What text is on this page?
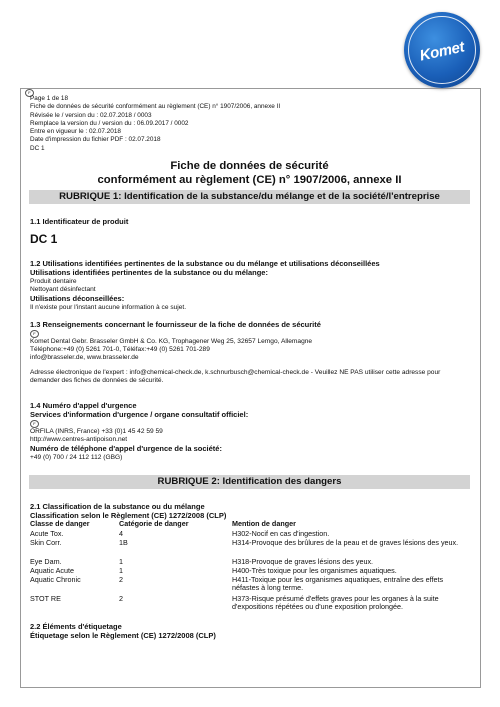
Komet
F
Page 1 de 18
Fiche de données de sécurité conformément au règlement (CE) n° 1907/2006, annexe II
Révisée le / version du : 02.07.2018 / 0003
Remplace la version du / version du : 06.09.2017 / 0002
Entre en vigueur le : 02.07.2018
Date d'impression du fichier PDF : 02.07.2018
DC 1
Fiche de données de sécurité
conformément au règlement (CE) n° 1907/2006, annexe II
RUBRIQUE 1: Identification de la substance/du mélange et de la société/l'entreprise
1.1 Identificateur de produit
DC 1
1.2 Utilisations identifiées pertinentes de la substance ou du mélange et utilisations déconseillées
Utilisations identifiées pertinentes de la substance ou du mélange:
Produit dentaire
Nettoyant désinfectant
Utilisations déconseillées:
Il n'existe pour l'instant aucune information à ce sujet.
1.3 Renseignements concernant le fournisseur de la fiche de données de sécurité
F
Komet Dental Gebr. Brasseler GmbH & Co. KG, Trophagener Weg 25, 32657 Lemgo, Allemagne
Téléphone:+49 (0) 5261 701-0, Téléfax:+49 (0) 5261 701-289
info@brasseler.de, www.brasseler.de
Adresse électronique de l'expert : info@chemical-check.de, k.schnurbusch@chemical-check.de - Veuillez NE PAS utiliser cette adresse pour
demander des fiches de données de sécurité.
1.4 Numéro d'appel d'urgence
Services d'information d'urgence / organe consultatif officiel:
F
ORFILA (INRS, France) +33 (0)1 45 42 59 59
http://www.centres-antipoison.net
Numéro de téléphone d'appel d'urgence de la société:
+49 (0) 700 / 24 112 112 (GBG)
RUBRIQUE 2: Identification des dangers
2.1 Classification de la substance ou du mélange
Classification selon le Règlement (CE) 1272/2008 (CLP)
Classe de danger	Catégorie de danger	Mention de danger
Acute Tox.	4	H302-Nocif en cas d'ingestion.
Skin Corr.	1B	H314-Provoque des brûlures de la peau et de graves lésions des yeux.
Eye Dam.	1	H318-Provoque de graves lésions des yeux.
Aquatic Acute	1	H400-Très toxique pour les organismes aquatiques.
Aquatic Chronic	2	H411-Toxique pour les organismes aquatiques, entraîne des effets néfastes à long terme.
STOT RE	2	H373-Risque présumé d'effets graves pour les organes à la suite d'expositions répétées ou d'une exposition prolongée.
2.2 Éléments d'étiquetage
Étiquetage selon le Règlement (CE) 1272/2008 (CLP)
